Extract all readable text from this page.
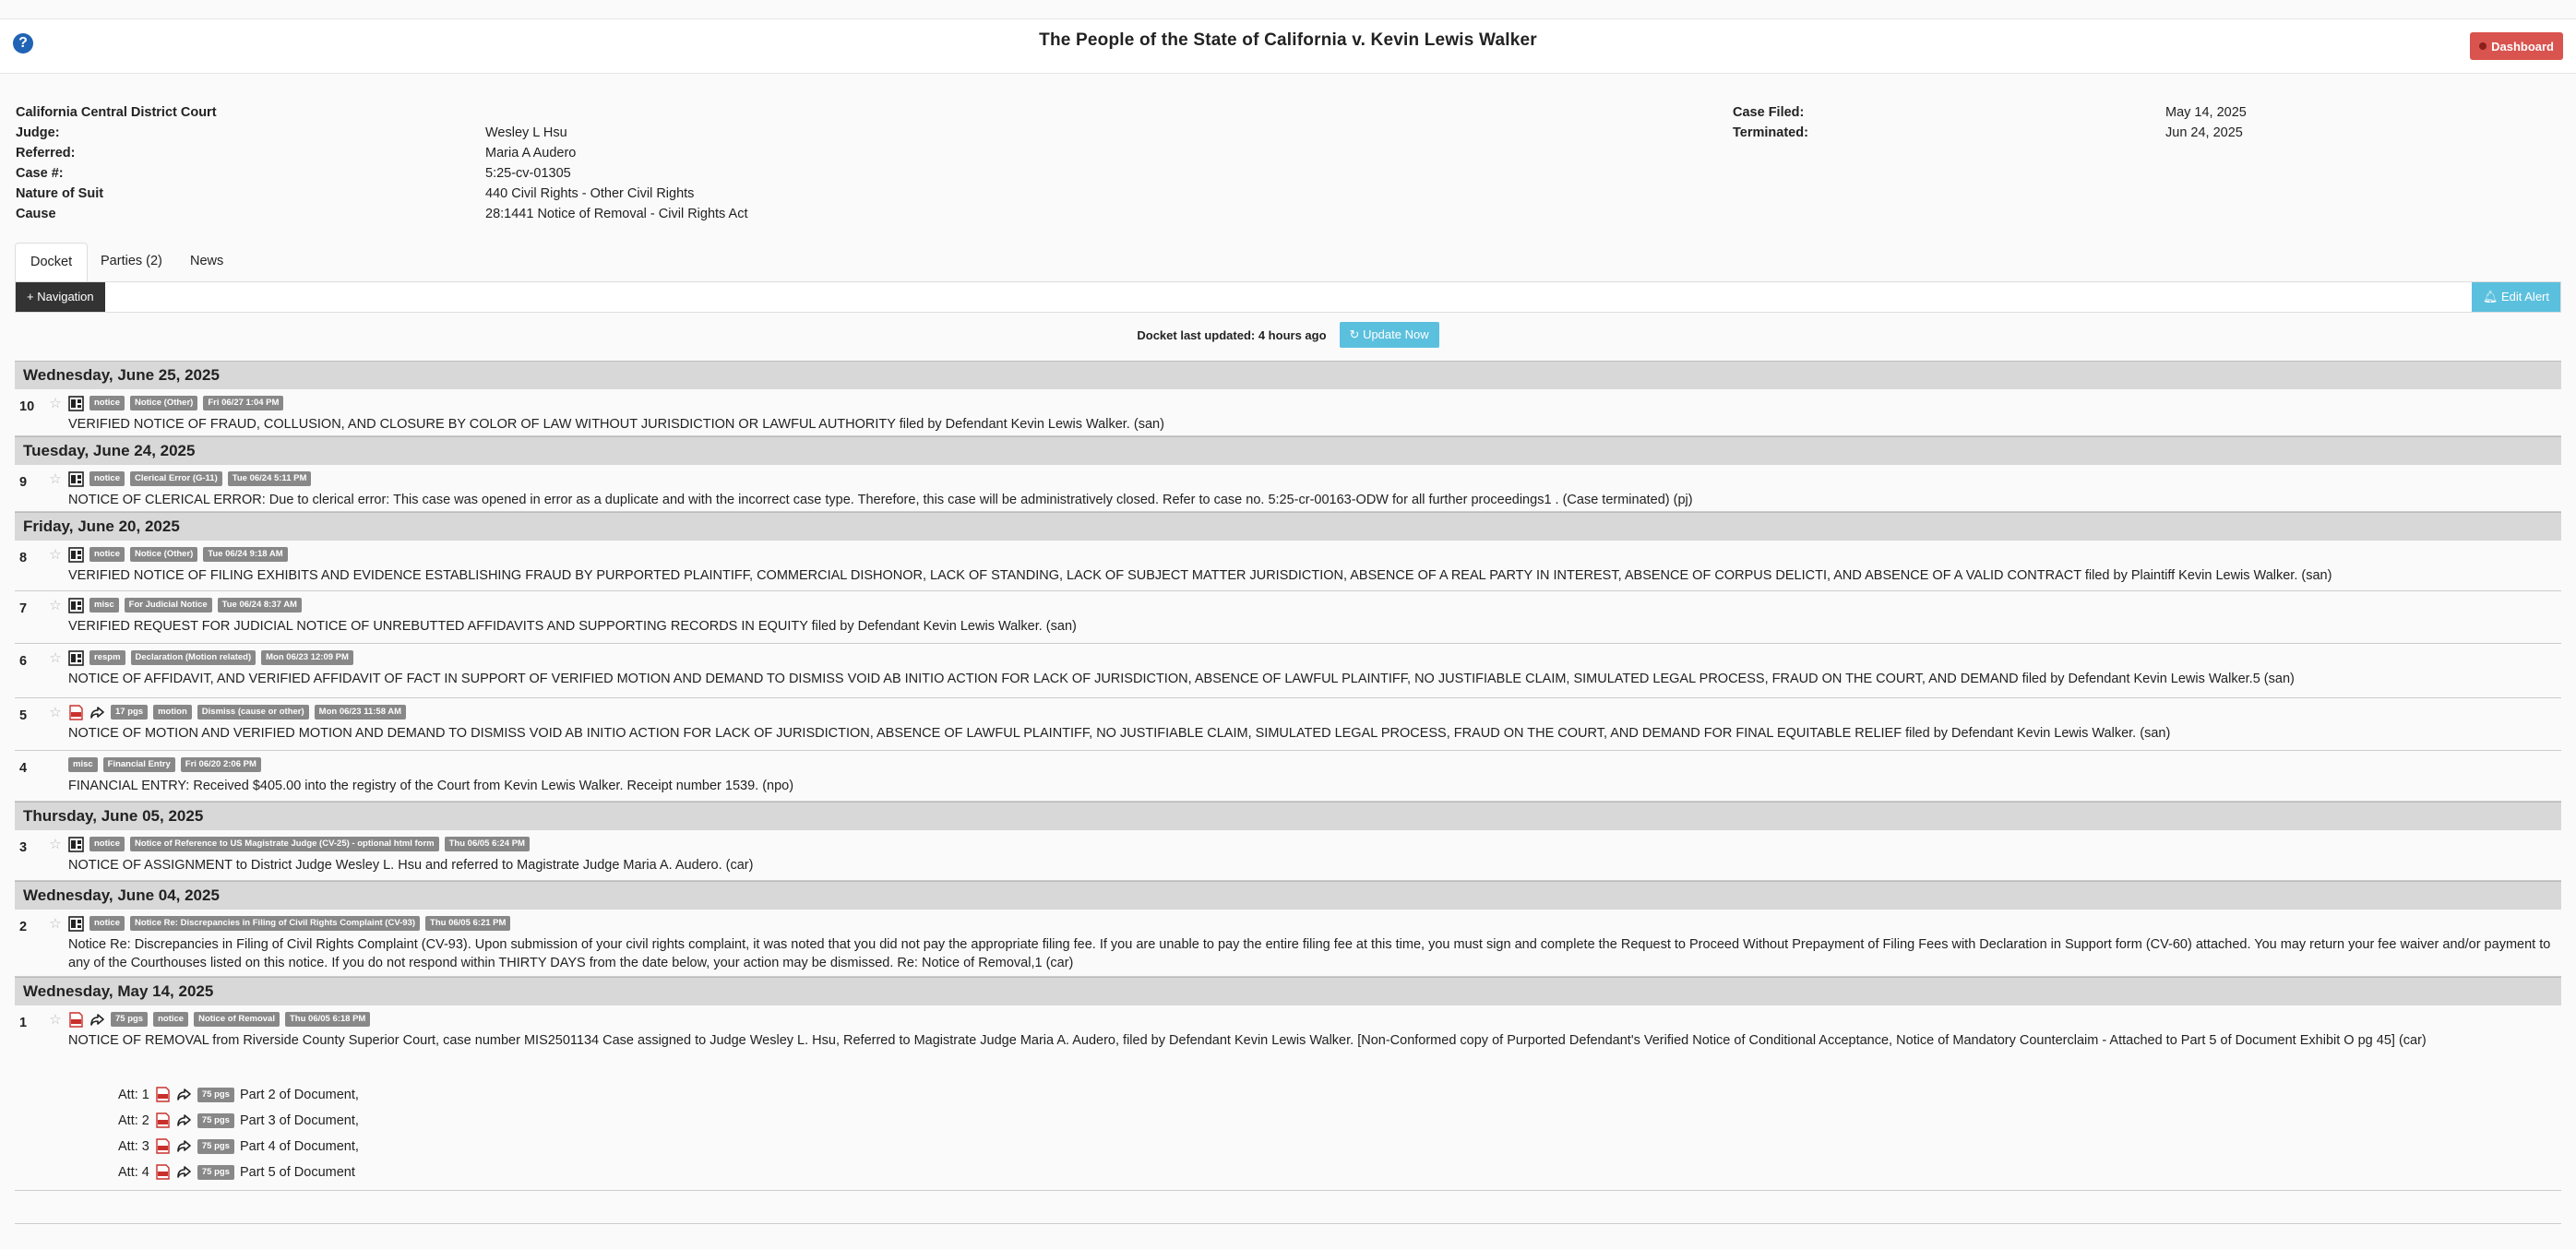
?	The People of the State of California v. Kevin Lewis Walker	Dashboard
California Central District Court
Judge:	Wesley L Hsu
Referred:	Maria A Audero
Case #:	5:25-cv-01305
Nature of Suit	440 Civil Rights - Other Civil Rights
Cause	28:1441 Notice of Removal - Civil Rights Act
Case Filed:	May 14, 2025
Terminated:	Jun 24, 2025
Docket	Parties (2) News
+ Navigation	🔔︎ Edit Alert
Docket last updated: 4 hours ago	↻ Update Now
Wednesday, June 25, 2025
10 ☆	notice	Notice (Other)	Fri 06/27 1:04 PM
VERIFIED NOTICE OF FRAUD, COLLUSION, AND CLOSURE BY COLOR OF LAW WITHOUT JURISDICTION OR LAWFUL AUTHORITY filed by Defendant Kevin Lewis Walker. (san)
Tuesday, June 24, 2025
9 ☆	notice	Clerical Error (G-11)	Tue 06/24 5:11 PM
NOTICE OF CLERICAL ERROR: Due to clerical error: This case was opened in error as a duplicate and with the incorrect case type. Therefore, this case will be administratively closed. Refer to case no. 5:25-cr-00163-ODW for all further proceedings1 . (Case terminated) (pj)
Friday, June 20, 2025
8 ☆	notice	Notice (Other)	Tue 06/24 9:18 AM
VERIFIED NOTICE OF FILING EXHIBITS AND EVIDENCE ESTABLISHING FRAUD BY PURPORTED PLAINTIFF, COMMERCIAL DISHONOR, LACK OF STANDING, LACK OF SUBJECT MATTER JURISDICTION, ABSENCE OF A REAL PARTY IN INTEREST, ABSENCE OF CORPUS DELICTI, AND ABSENCE OF A VALID CONTRACT filed by Plaintiff Kevin Lewis Walker. (san)
7 ☆	misc	For Judicial Notice	Tue 06/24 8:37 AM
VERIFIED REQUEST FOR JUDICIAL NOTICE OF UNREBUTTED AFFIDAVITS AND SUPPORTING RECORDS IN EQUITY filed by Defendant Kevin Lewis Walker. (san)
6 ☆	respm	Declaration (Motion related)	Mon 06/23 12:09 PM
NOTICE OF AFFIDAVIT, AND VERIFIED AFFIDAVIT OF FACT IN SUPPORT OF VERIFIED MOTION AND DEMAND TO DISMISS VOID AB INITIO ACTION FOR LACK OF JURISDICTION, ABSENCE OF LAWFUL PLAINTIFF, NO JUSTIFIABLE CLAIM, SIMULATED LEGAL PROCESS, FRAUD ON THE COURT, AND DEMAND filed by Defendant Kevin Lewis Walker.5 (san)
5 ☆	17 pgs	motion	Dismiss (cause or other)	Mon 06/23 11:58 AM
NOTICE OF MOTION AND VERIFIED MOTION AND DEMAND TO DISMISS VOID AB INITIO ACTION FOR LACK OF JURISDICTION, ABSENCE OF LAWFUL PLAINTIFF, NO JUSTIFIABLE CLAIM, SIMULATED LEGAL PROCESS, FRAUD ON THE COURT, AND DEMAND FOR FINAL EQUITABLE RELIEF filed by Defendant Kevin Lewis Walker. (san)
4	misc	Financial Entry	Fri 06/20 2:06 PM
FINANCIAL ENTRY: Received $405.00 into the registry of the Court from Kevin Lewis Walker. Receipt number 1539. (npo)
Thursday, June 05, 2025
3 ☆	notice	Notice of Reference to US Magistrate Judge (CV-25) - optional html form	Thu 06/05 6:24 PM
NOTICE OF ASSIGNMENT to District Judge Wesley L. Hsu and referred to Magistrate Judge Maria A. Audero. (car)
Wednesday, June 04, 2025
2 ☆	notice	Notice Re: Discrepancies in Filing of Civil Rights Complaint (CV-93)	Thu 06/05 6:21 PM
Notice Re: Discrepancies in Filing of Civil Rights Complaint (CV-93). Upon submission of your civil rights complaint, it was noted that you did not pay the appropriate filing fee. If you are unable to pay the entire filing fee at this time, you must sign and complete the Request to Proceed Without Prepayment of Filing Fees with Declaration in Support form (CV-60) attached. You may return your fee waiver and/or payment to any of the Courthouses listed on this notice. If you do not respond within THIRTY DAYS from the date below, your action may be dismissed. Re: Notice of Removal,1 (car)
Wednesday, May 14, 2025
1 ☆	75 pgs	notice	Notice of Removal	Thu 06/05 6:18 PM
NOTICE OF REMOVAL from Riverside County Superior Court, case number MIS2501134 Case assigned to Judge Wesley L. Hsu, Referred to Magistrate Judge Maria A. Audero, filed by Defendant Kevin Lewis Walker. [Non-Conformed copy of Purported Defendant's Verified Notice of Conditional Acceptance, Notice of Mandatory Counterclaim - Attached to Part 5 of Document Exhibit O pg 45] (car)
Att: 1	75 pgs Part 2 of Document,
Att: 2	75 pgs Part 3 of Document,
Att: 3	75 pgs Part 4 of Document,
Att: 4	75 pgs Part 5 of Document
